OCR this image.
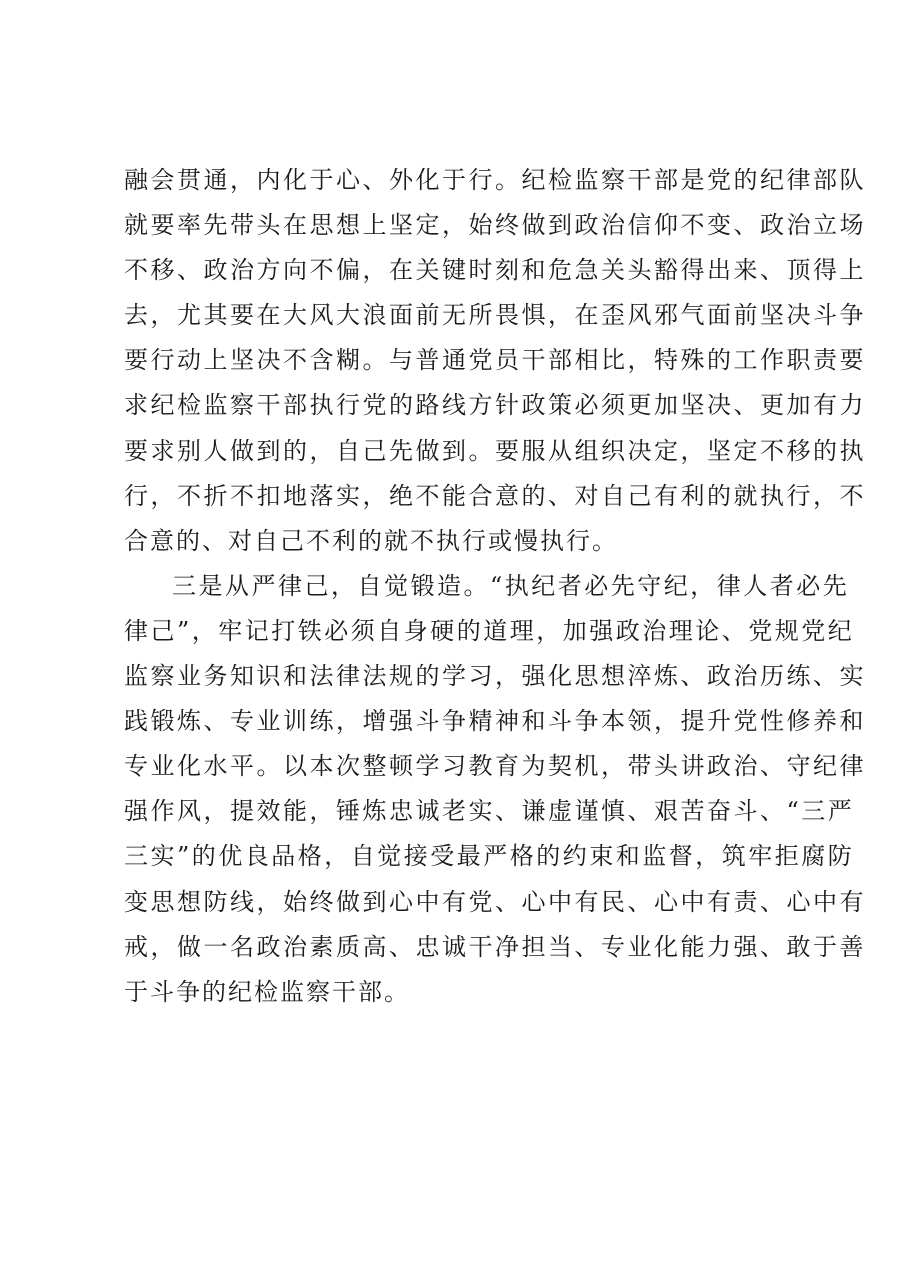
融会贯通，内化于心、外化于行。纪检监察干部是党的纪律部队
就要率先带头在思想上坚定，始终做到政治信仰不变、政治立场
不移、政治方向不偏，在关键时刻和危急关头豁得出来、顶得上
去，尤其要在大风大浪面前无所畏惧，在歪风邪气面前坚决斗争
要行动上坚决不含糊。与普通党员干部相比，特殊的工作职责要
求纪检监察干部执行党的路线方针政策必须更加坚决、更加有力
要求别人做到的，自己先做到。要服从组织决定，坚定不移的执
行，不折不扣地落实，绝不能合意的、对自己有利的就执行，不
合意的、对自己不利的就不执行或慢执行。
三是从严律己，自觉锻造。“执纪者必先守纪，律人者必先
律己”，牢记打铁必须自身硬的道理，加强政治理论、党规党纪
监察业务知识和法律法规的学习，强化思想淬炼、政治历练、实
践锻炼、专业训练，增强斗争精神和斗争本领，提升党性修养和
专业化水平。以本次整顿学习教育为契机，带头讲政治、守纪律
强作风，提效能，锤炼忠诚老实、谦虚谨慎、艰苦奋斗、“三严
三实”的优良品格，自觉接受最严格的约束和监督，筑牢拒腐防
变思想防线，始终做到心中有党、心中有民、心中有责、心中有
戒，做一名政治素质高、忠诚干净担当、专业化能力强、敢于善
于斗争的纪检监察干部。
